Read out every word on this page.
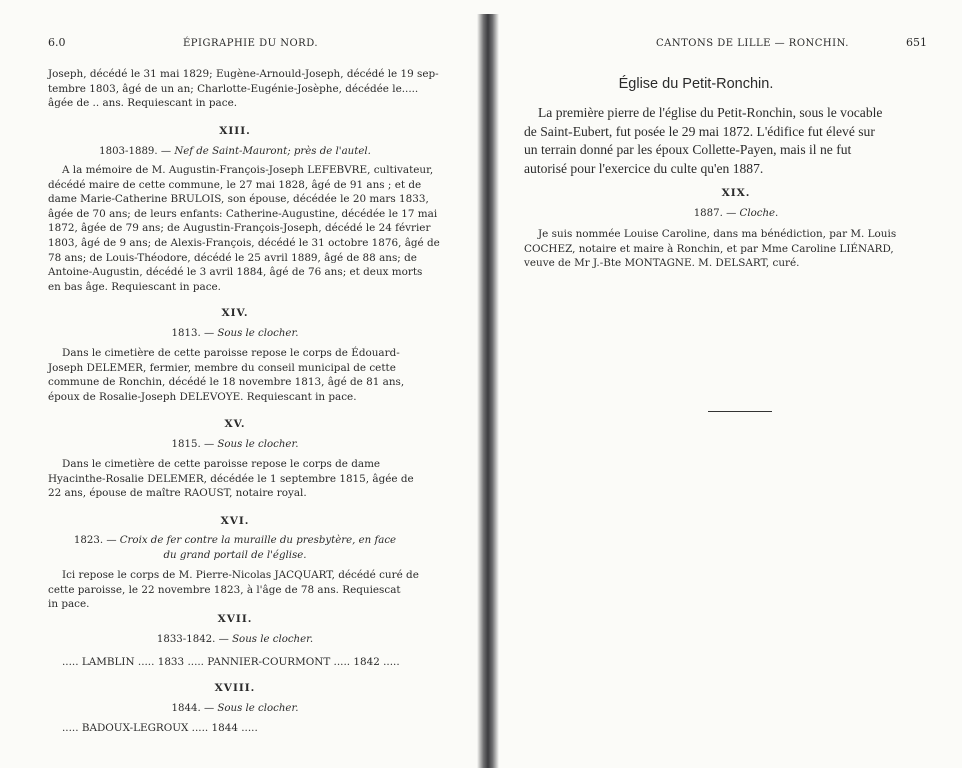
6.0	ÉPIGRAPHIE DU NORD.
Joseph, décédé le 31 mai 1829; Eugène-Arnould-Joseph, décédé le 19 sep-
tembre 1803, âgé de un an; Charlotte-Eugénie-Josèphe, décédée le.....
âgée de .. ans. Requiescant in pace.
XIII.
1803-1889. — Nef de Saint-Mauront; près de l'autel.
A la mémoire de M. Augustin-François-Joseph LEFEBVRE, cultivateur,
décédé maire de cette commune, le 27 mai 1828, âgé de 91 ans ; et de
dame Marie-Catherine BRULOIS, son épouse, décédée le 20 mars 1833,
âgée de 70 ans; de leurs enfants: Catherine-Augustine, décédée le 17 mai
1872, âgée de 79 ans; de Augustin-François-Joseph, décédé le 24 février
1803, âgé de 9 ans; de Alexis-François, décédé le 31 octobre 1876, âgé de
78 ans; de Louis-Théodore, décédé le 25 avril 1889, âgé de 88 ans; de
Antoine-Augustin, décédé le 3 avril 1884, âgé de 76 ans; et deux morts
en bas âge. Requiescant in pace.
XIV.
1813. — Sous le clocher.
Dans le cimetière de cette paroisse repose le corps de Édouard-
Joseph DELEMER, fermier, membre du conseil municipal de cette
commune de Ronchin, décédé le 18 novembre 1813, âgé de 81 ans,
époux de Rosalie-Joseph DELEVOYE. Requiescant in pace.
XV.
1815. — Sous le clocher.
Dans le cimetière de cette paroisse repose le corps de dame
Hyacinthe-Rosalie DELEMER, décédée le 1 septembre 1815, âgée de
22 ans, épouse de maître RAOUST, notaire royal.
XVI.
1823. — Croix de fer contre la muraille du presbytère, en face
du grand portail de l'église.
Ici repose le corps de M. Pierre-Nicolas JACQUART, décédé curé de
cette paroisse, le 22 novembre 1823, à l'âge de 78 ans. Requiescat
in pace.
XVII.
1833-1842. — Sous le clocher.
..... LAMBLIN ..... 1833 ..... PANNIER-COURMONT ..... 1842 .....
XVIII.
1844. — Sous le clocher.
..... BADOUX-LEGROUX ..... 1844 .....
CANTONS DE LILLE — RONCHIN.	651
Église du Petit-Ronchin.
La première pierre de l'église du Petit-Ronchin, sous le vocable
de Saint-Eubert, fut posée le 29 mai 1872. L'édifice fut élevé sur
un terrain donné par les époux Collette-Payen, mais il ne fut
autorisé pour l'exercice du culte qu'en 1887.
XIX.
1887. — Cloche.
Je suis nommée Louise Caroline, dans ma bénédiction, par M. Louis
COCHEZ, notaire et maire à Ronchin, et par Mme Caroline LIÉNARD,
veuve de Mr J.-Bte MONTAGNE. M. DELSART, curé.
